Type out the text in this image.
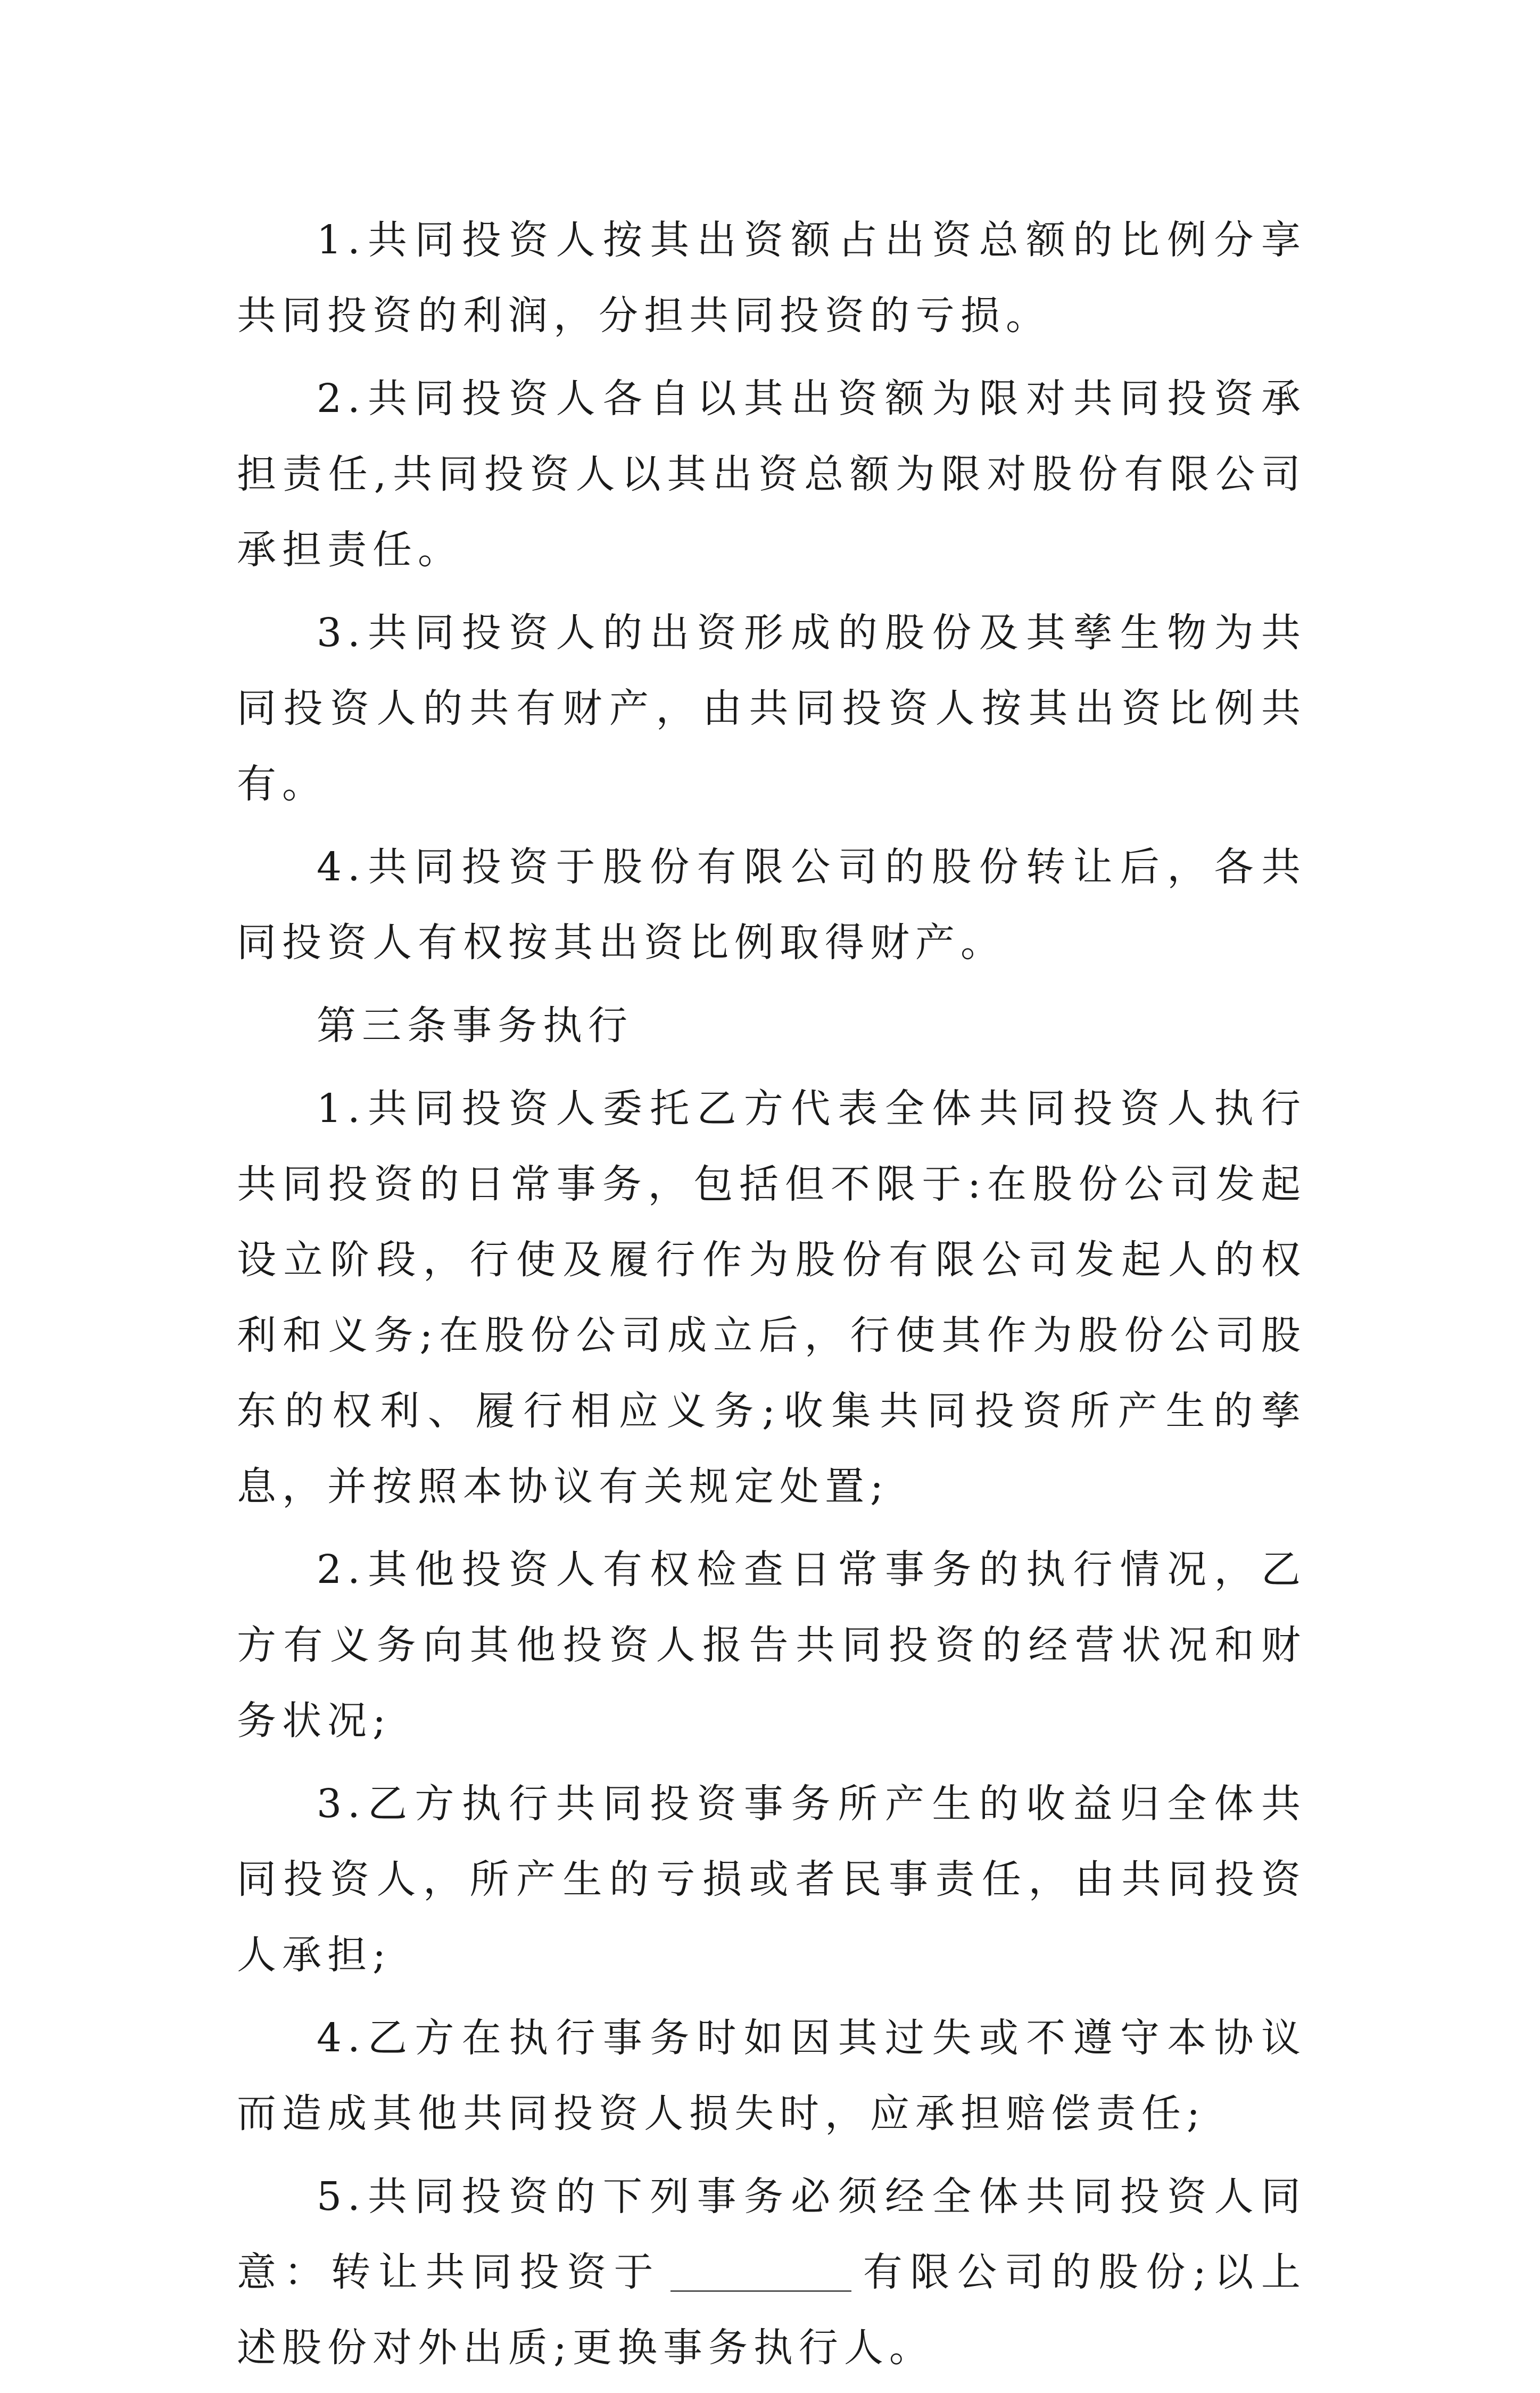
1.共同投资人按其出资额占出资总额的比例分享共同投资的利润，分担共同投资的亏损。

2.共同投资人各自以其出资额为限对共同投资承担责任,共同投资人以其出资总额为限对股份有限公司承担责任。

3.共同投资人的出资形成的股份及其孳生物为共同投资人的共有财产，由共同投资人按其出资比例共有。

4.共同投资于股份有限公司的股份转让后，各共同投资人有权按其出资比例取得财产。

第三条事务执行

1.共同投资人委托乙方代表全体共同投资人执行共同投资的日常事务，包括但不限于:在股份公司发起设立阶段，行使及履行作为股份有限公司发起人的权利和义务;在股份公司成立后，行使其作为股份公司股东的权利、履行相应义务;收集共同投资所产生的孳息，并按照本协议有关规定处置;

2.其他投资人有权检查日常事务的执行情况，乙方有义务向其他投资人报告共同投资的经营状况和财务状况;

3.乙方执行共同投资事务所产生的收益归全体共同投资人，所产生的亏损或者民事责任，由共同投资人承担;

4.乙方在执行事务时如因其过失或不遵守本协议而造成其他共同投资人损失时，应承担赔偿责任;

5.共同投资的下列事务必须经全体共同投资人同意：转让共同投资于	有限公司的股份;以上述股份对外出质;更换事务执行人。
